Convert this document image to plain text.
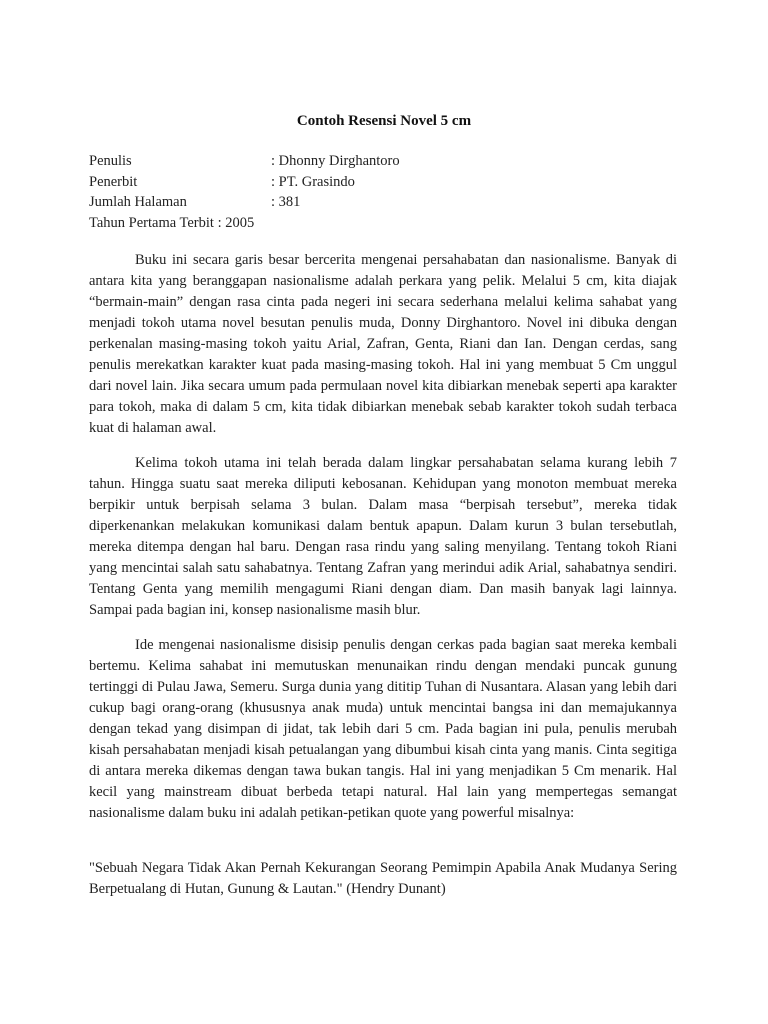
Contoh Resensi Novel 5 cm
Penulis	: Dhonny Dirghantoro
Penerbit	: PT. Grasindo
Jumlah Halaman	: 381
Tahun Pertama Terbit : 2005

Buku ini secara garis besar bercerita mengenai persahabatan dan nasionalisme. Banyak di antara kita yang beranggapan nasionalisme adalah perkara yang pelik. Melalui 5 cm, kita diajak “bermain-main” dengan rasa cinta pada negeri ini secara sederhana melalui kelima sahabat yang menjadi tokoh utama novel besutan penulis muda, Donny Dirghantoro. Novel ini dibuka dengan perkenalan masing-masing tokoh yaitu Arial, Zafran, Genta, Riani dan Ian. Dengan cerdas, sang penulis merekatkan karakter kuat pada masing-masing tokoh. Hal ini yang membuat 5 Cm unggul dari novel lain. Jika secara umum pada permulaan novel kita dibiarkan menebak seperti apa karakter para tokoh, maka di dalam 5 cm, kita tidak dibiarkan menebak sebab karakter tokoh sudah terbaca kuat di halaman awal.

Kelima tokoh utama ini telah berada dalam lingkar persahabatan selama kurang lebih 7 tahun. Hingga suatu saat mereka diliputi kebosanan. Kehidupan yang monoton membuat mereka berpikir untuk berpisah selama 3 bulan. Dalam masa “berpisah tersebut”, mereka tidak diperkenankan melakukan komunikasi dalam bentuk apapun. Dalam kurun 3 bulan tersebutlah, mereka ditempa dengan hal baru. Dengan rasa rindu yang saling menyilang. Tentang tokoh Riani yang mencintai salah satu sahabatnya. Tentang Zafran yang merindui adik Arial, sahabatnya sendiri. Tentang Genta yang memilih mengagumi Riani dengan diam. Dan masih banyak lagi lainnya. Sampai pada bagian ini, konsep nasionalisme masih blur.

Ide mengenai nasionalisme disisip penulis dengan cerkas pada bagian saat mereka kembali bertemu. Kelima sahabat ini memutuskan menunaikan rindu dengan mendaki puncak gunung tertinggi di Pulau Jawa, Semeru. Surga dunia yang dititip Tuhan di Nusantara. Alasan yang lebih dari cukup bagi orang-orang (khususnya anak muda) untuk mencintai bangsa ini dan memajukannya dengan tekad yang disimpan di jidat, tak lebih dari 5 cm. Pada bagian ini pula, penulis merubah kisah persahabatan menjadi kisah petualangan yang dibumbui kisah cinta yang manis. Cinta segitiga di antara mereka dikemas dengan tawa bukan tangis. Hal ini yang menjadikan 5 Cm menarik. Hal kecil yang mainstream dibuat berbeda tetapi natural. Hal lain yang mempertegas semangat nasionalisme dalam buku ini adalah petikan-petikan quote yang powerful misalnya:

"Sebuah Negara Tidak Akan Pernah Kekurangan Seorang Pemimpin Apabila Anak Mudanya Sering Berpetualang di Hutan, Gunung & Lautan." (Hendry Dunant)
